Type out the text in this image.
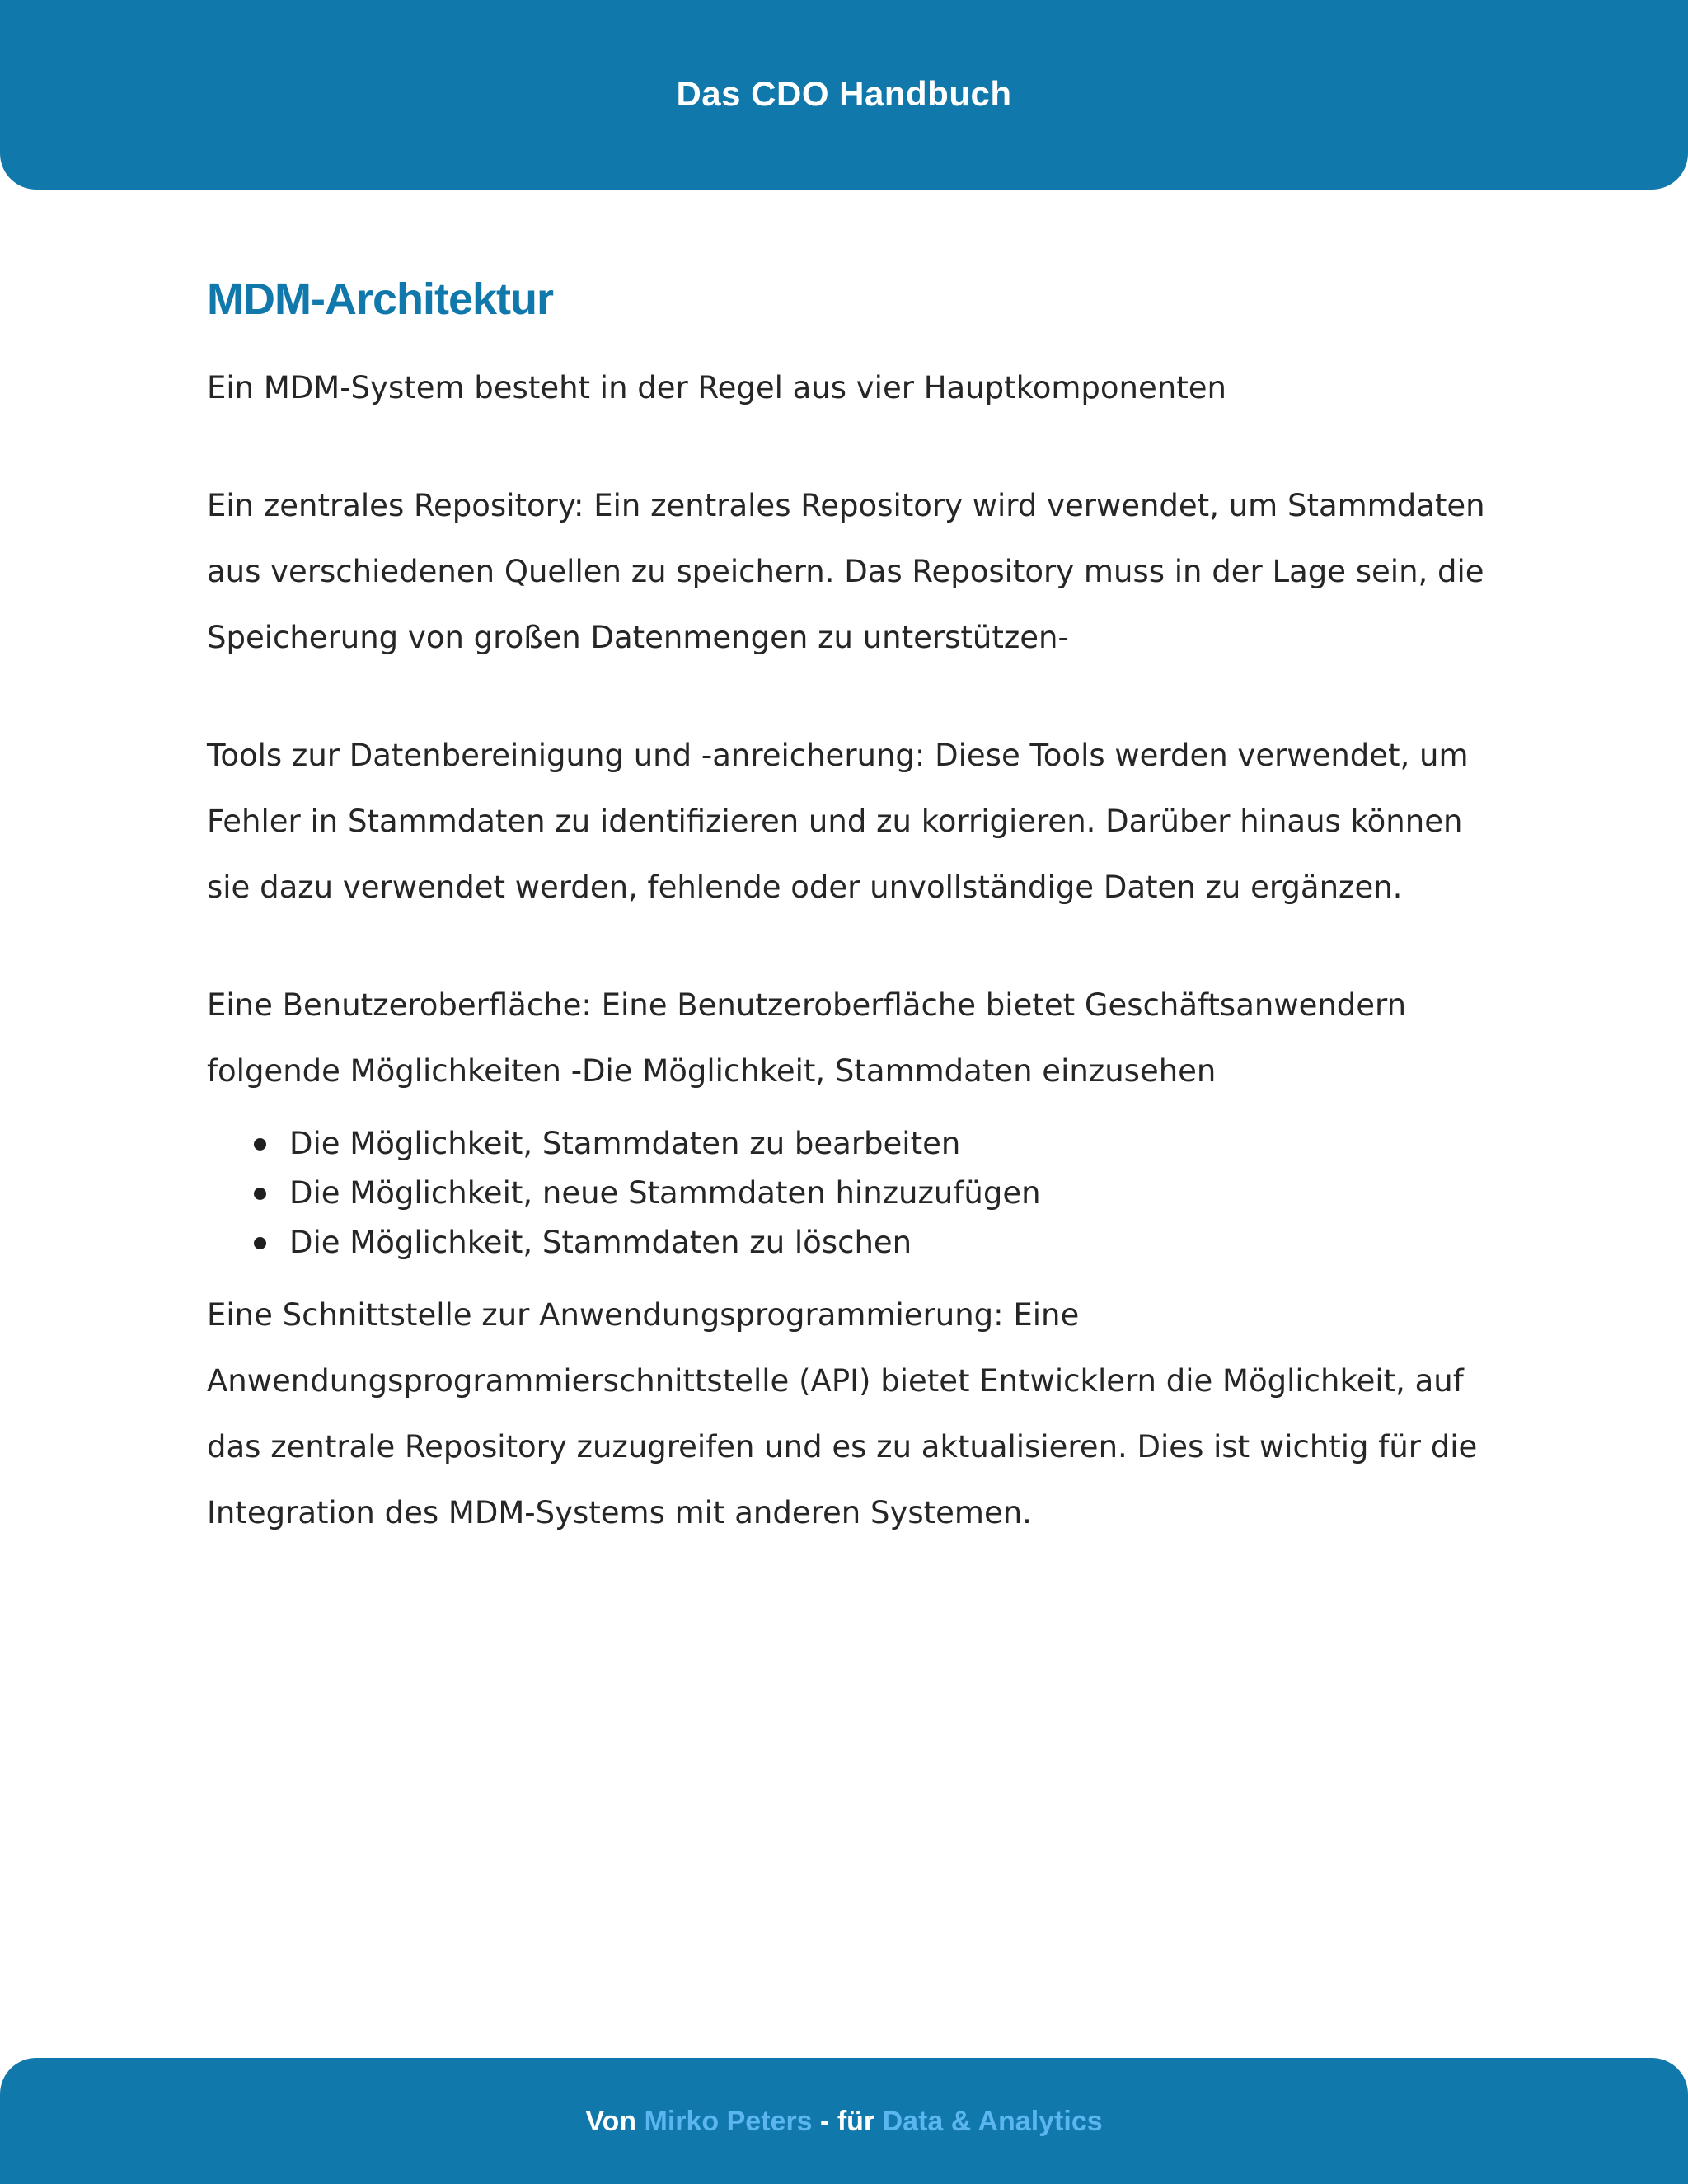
Das CDO Handbuch
MDM-Architektur

Ein MDM-System besteht in der Regel aus vier Hauptkomponenten

Ein zentrales Repository: Ein zentrales Repository wird verwendet, um Stammdaten aus verschiedenen Quellen zu speichern. Das Repository muss in der Lage sein, die Speicherung von großen Datenmengen zu unterstützen-

Tools zur Datenbereinigung und -anreicherung: Diese Tools werden verwendet, um Fehler in Stammdaten zu identifizieren und zu korrigieren. Darüber hinaus können sie dazu verwendet werden, fehlende oder unvollständige Daten zu ergänzen.

Eine Benutzeroberfläche: Eine Benutzeroberfläche bietet Geschäftsanwendern folgende Möglichkeiten -Die Möglichkeit, Stammdaten einzusehen

Die Möglichkeit, Stammdaten zu bearbeiten
Die Möglichkeit, neue Stammdaten hinzuzufügen
Die Möglichkeit, Stammdaten zu löschen

Eine Schnittstelle zur Anwendungsprogrammierung: Eine Anwendungsprogrammierschnittstelle (API) bietet Entwicklern die Möglichkeit, auf das zentrale Repository zuzugreifen und es zu aktualisieren. Dies ist wichtig für die Integration des MDM-Systems mit anderen Systemen.

Von Mirko Peters - für Data & Analytics
